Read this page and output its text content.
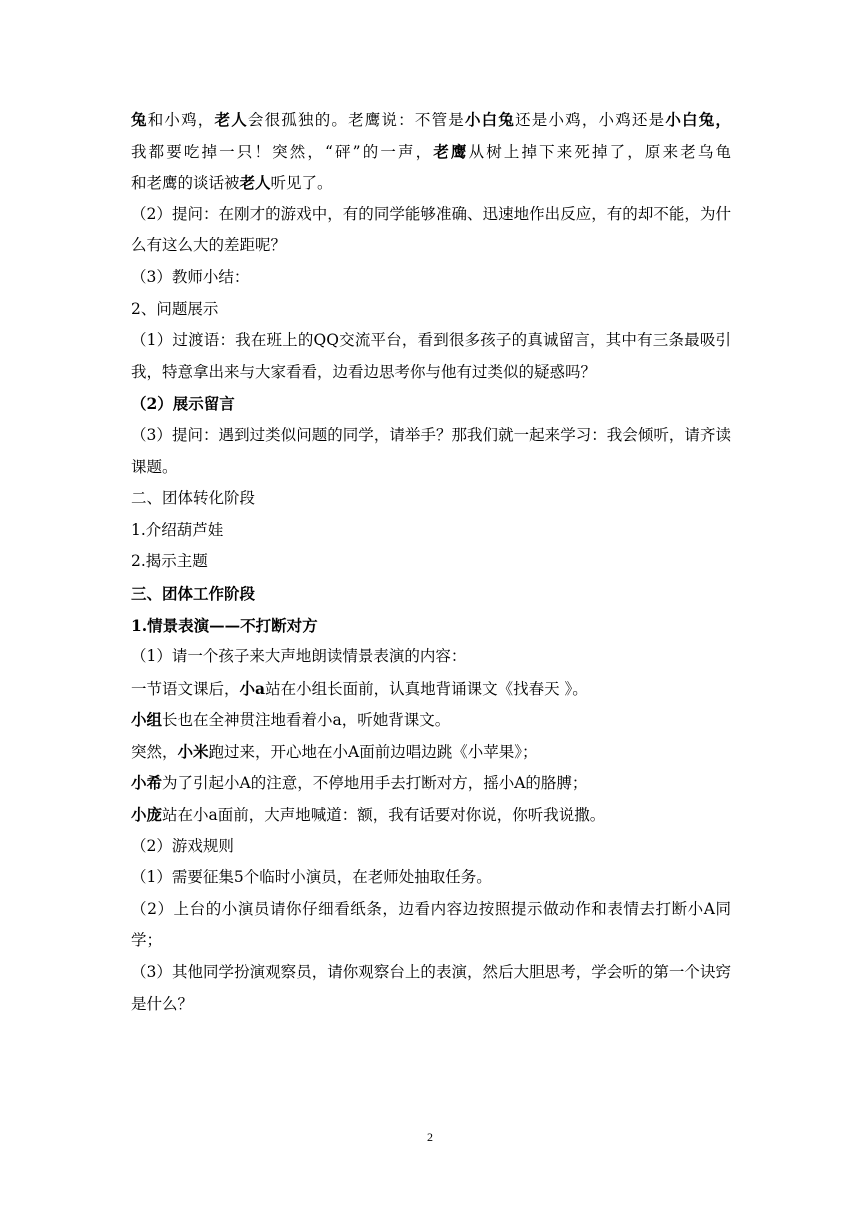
兔和小鸡，老人会很孤独的。老鹰说：不管是小白兔还是小鸡，小鸡还是小白兔，
我都要吃掉一只！突然，“砰”的一声，老鹰从树上掉下来死掉了，原来老乌龟
和老鹰的谈话被老人听见了。
（2）提问：在刚才的游戏中，有的同学能够准确、迅速地作出反应，有的却不能，为什么有这么大的差距呢？
（3）教师小结：
2、问题展示
（1）过渡语：我在班上的QQ交流平台，看到很多孩子的真诚留言，其中有三条最吸引我，特意拿出来与大家看看，边看边思考你与他有过类似的疑惑吗？
（2）展示留言
（3）提问：遇到过类似问题的同学，请举手？那我们就一起来学习：我会倾听，请齐读课题。
二、团体转化阶段
1.介绍葫芦娃
2.揭示主题
三、团体工作阶段
1.情景表演——不打断对方
（1）请一个孩子来大声地朗读情景表演的内容：
一节语文课后，小a站在小组长面前，认真地背诵课文《找春天 》。
小组长也在全神贯注地看着小a，听她背课文。
突然，小米跑过来，开心地在小A面前边唱边跳《小苹果》；
小希为了引起小A的注意，不停地用手去打断对方，摇小A的胳膊；
小庞站在小a面前，大声地喊道：额，我有话要对你说，你听我说撒。
（2）游戏规则
（1）需要征集5个临时小演员，在老师处抽取任务。
（2）上台的小演员请你仔细看纸条，边看内容边按照提示做动作和表情去打断小A同学；
（3）其他同学扮演观察员，请你观察台上的表演，然后大胆思考，学会听的第一个诀窍是什么？
2
